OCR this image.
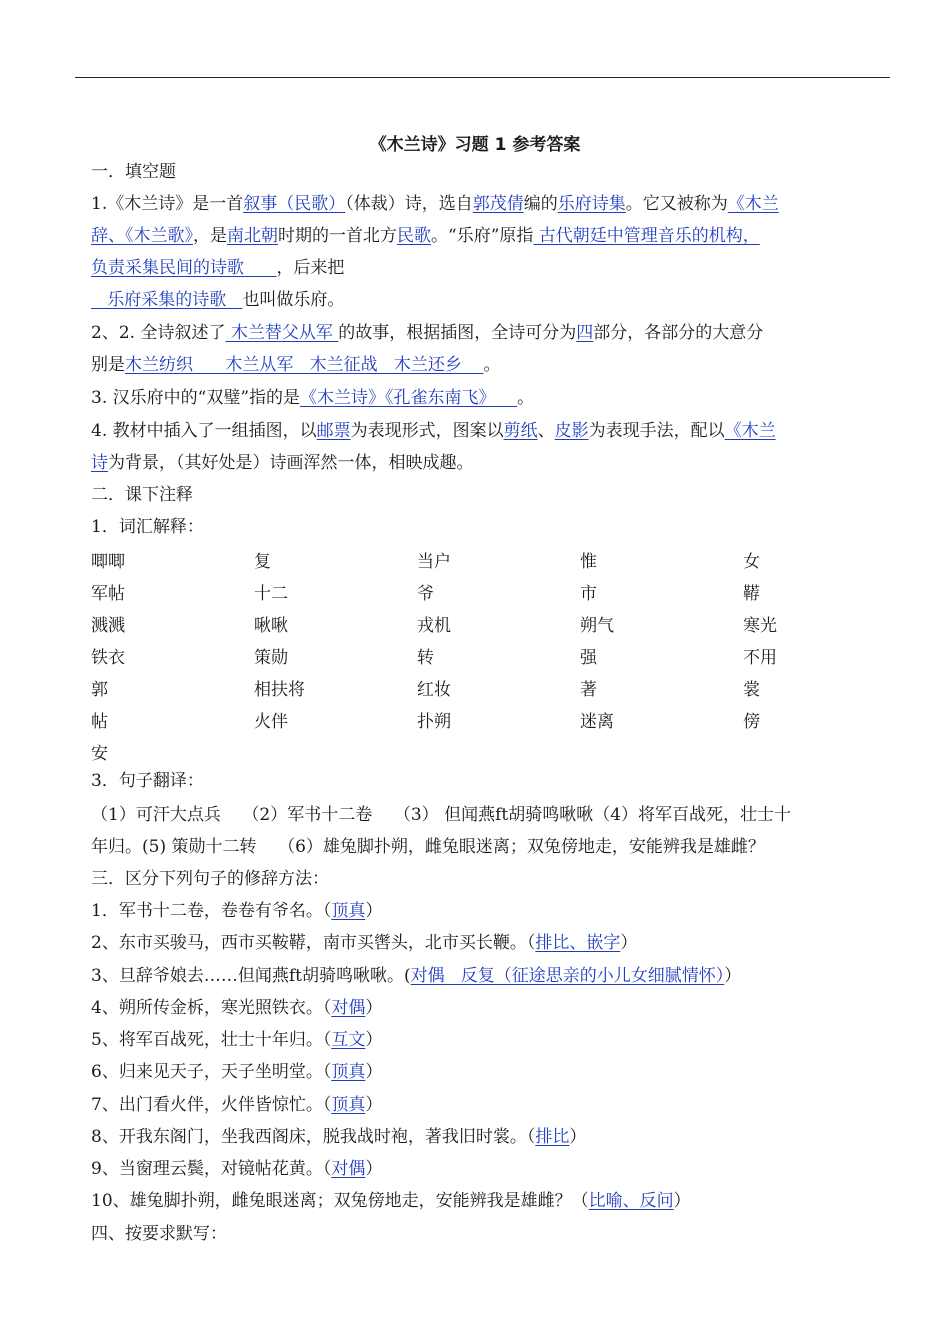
《木兰诗》习题 1 参考答案
一．填空题
1.《木兰诗》是一首叙事（民歌）（体裁）诗，选自郭茂倩编的乐府诗集。它又被称为《木兰
辞、《木兰歌》，是南北朝时期的一首北方民歌。“乐府”原指 古代朝廷中管理音乐的机构，
负责采集民间的诗歌      ，后来把
乐府采集的诗歌   也叫做乐府。
2、2. 全诗叙述了 木兰替父从军 的故事，根据插图，全诗可分为四部分，各部分的大意分
别是木兰纺织      木兰从军   木兰征战   木兰还乡    。
3. 汉乐府中的“双璧”指的是《木兰诗》《孔雀东南飞》    。
4. 教材中插入了一组插图，以邮票为表现形式，图案以剪纸、皮影为表现手法，配以《木兰
诗为背景，（其好处是）诗画浑然一体，相映成趣。
二．课下注释
1．词汇解释：
唧唧	复	当户	惟	女
军帖	十二	爷	市	鞯
溅溅	啾啾	戎机	朔气	寒光
铁衣	策勋	转	强	不用
郭	相扶将	红妆	著	裳
帖	火伴	扑朔	迷离	傍
安
3．句子翻译：
（1）可汗大点兵    （2）军书十二卷    （3） 但闻燕ft胡骑鸣啾啾（4）将军百战死，壮士十
年归。(5) 策勋十二转    （6）雄兔脚扑朔，雌兔眼迷离；双兔傍地走，安能辨我是雄雌？
三．区分下列句子的修辞方法：
1．军书十二卷，卷卷有爷名。（顶真）
2、东市买骏马，西市买鞍鞯，南市买辔头，北市买长鞭。（排比、嵌字）
3、旦辞爷娘去……但闻燕ft胡骑鸣啾啾。(对偶   反复（征途思亲的小儿女细腻情怀））
4、朔所传金柝，寒光照铁衣。（对偶）
5、将军百战死，壮士十年归。（互文）
6、归来见天子，天子坐明堂。（顶真）
7、出门看火伴，火伴皆惊忙。（顶真）
8、开我东阁门，坐我西阁床，脱我战时袍，著我旧时裳。（排比）
9、当窗理云鬓，对镜帖花黄。（对偶）
10、雄兔脚扑朔，雌兔眼迷离；双兔傍地走，安能辨我是雄雌？（比喻、反问）
四、按要求默写：
